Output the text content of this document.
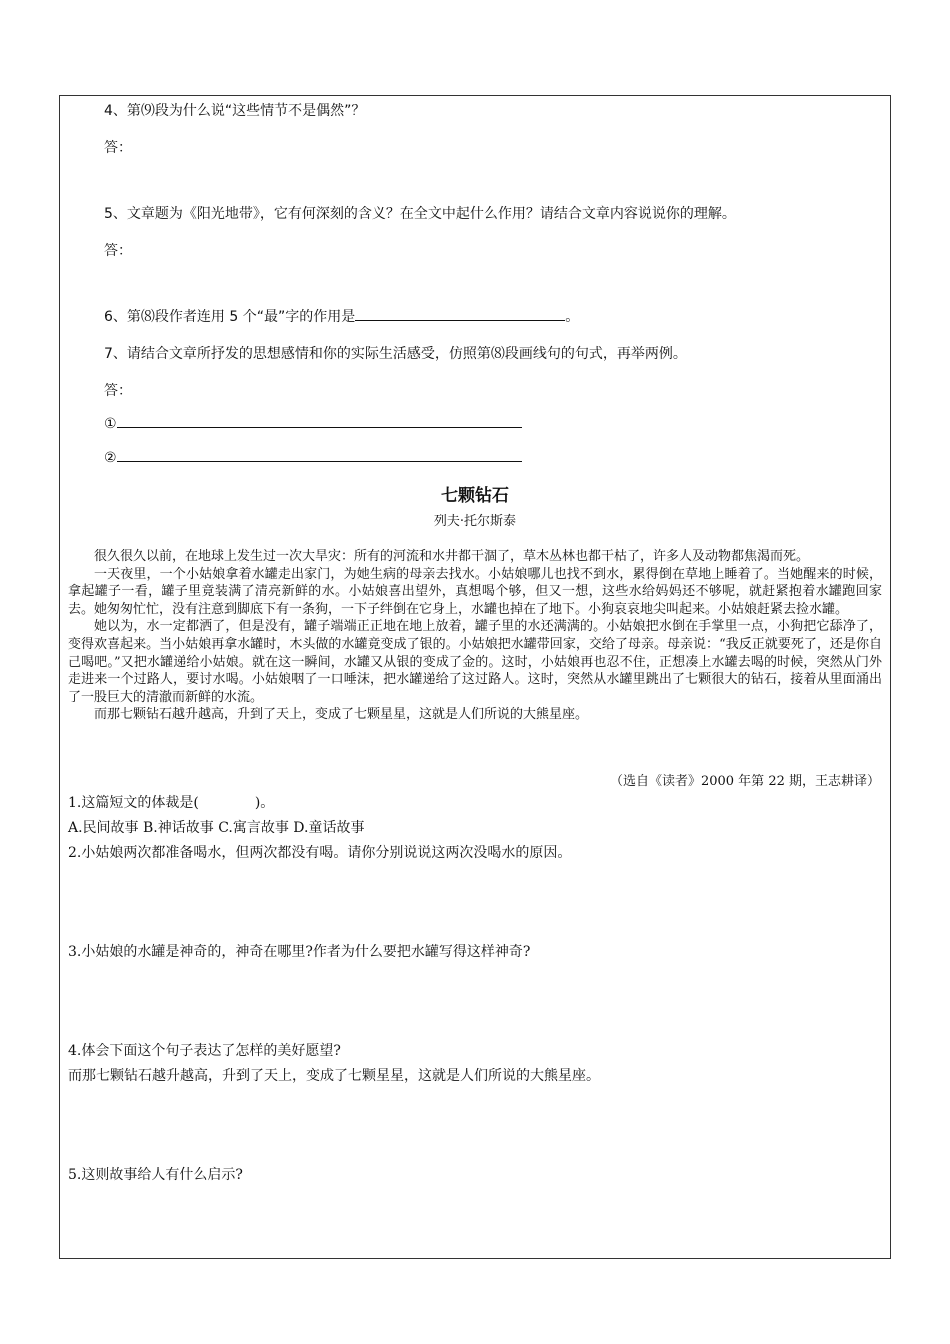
4、第⑼段为什么说“这些情节不是偶然”？
答：
5、文章题为《阳光地带》，它有何深刻的含义？在全文中起什么作用？请结合文章内容说说你的理解。
答：
6、第⑻段作者连用 5 个“最”字的作用是	。
7、请结合文章所抒发的思想感情和你的实际生活感受，仿照第⑻段画线句的句式，再举两例。
答：
①
②
七颗钻石
列夫·托尔斯泰

很久很久以前，在地球上发生过一次大旱灾：所有的河流和水井都干涸了，草木丛林也都干枯了，许多人及动物都焦渴而死。

一天夜里，一个小姑娘拿着水罐走出家门，为她生病的母亲去找水。小姑娘哪儿也找不到水，累得倒在草地上睡着了。当她醒来的时候，拿起罐子一看，罐子里竟装满了清亮新鲜的水。小姑娘喜出望外，真想喝个够，但又一想，这些水给妈妈还不够呢，就赶紧抱着水罐跑回家去。她匆匆忙忙，没有注意到脚底下有一条狗，一下子绊倒在它身上，水罐也掉在了地下。小狗哀哀地尖叫起来。小姑娘赶紧去捡水罐。

她以为，水一定都洒了，但是没有，罐子端端正正地在地上放着，罐子里的水还满满的。小姑娘把水倒在手掌里一点，小狗把它舔净了，变得欢喜起来。当小姑娘再拿水罐时，木头做的水罐竟变成了银的。小姑娘把水罐带回家，交给了母亲。母亲说：“我反正就要死了，还是你自己喝吧。”又把水罐递给小姑娘。就在这一瞬间，水罐又从银的变成了金的。这时，小姑娘再也忍不住，正想凑上水罐去喝的时候，突然从门外走进来一个过路人，要讨水喝。小姑娘咽了一口唾沫，把水罐递给了这过路人。这时，突然从水罐里跳出了七颗很大的钻石，接着从里面涌出了一股巨大的清澈而新鲜的水流。

而那七颗钻石越升越高，升到了天上，变成了七颗星星，这就是人们所说的大熊星座。

（选自《读者》2000 年第 22 期，王志耕译）
1.这篇短文的体裁是(　　　　)。
A.民间故事 B.神话故事 C.寓言故事 D.童话故事
2.小姑娘两次都准备喝水，但两次都没有喝。请你分别说说这两次没喝水的原因。
3.小姑娘的水罐是神奇的，神奇在哪里?作者为什么要把水罐写得这样神奇?
4.体会下面这个句子表达了怎样的美好愿望?
而那七颗钻石越升越高，升到了天上，变成了七颗星星，这就是人们所说的大熊星座。
5.这则故事给人有什么启示?
